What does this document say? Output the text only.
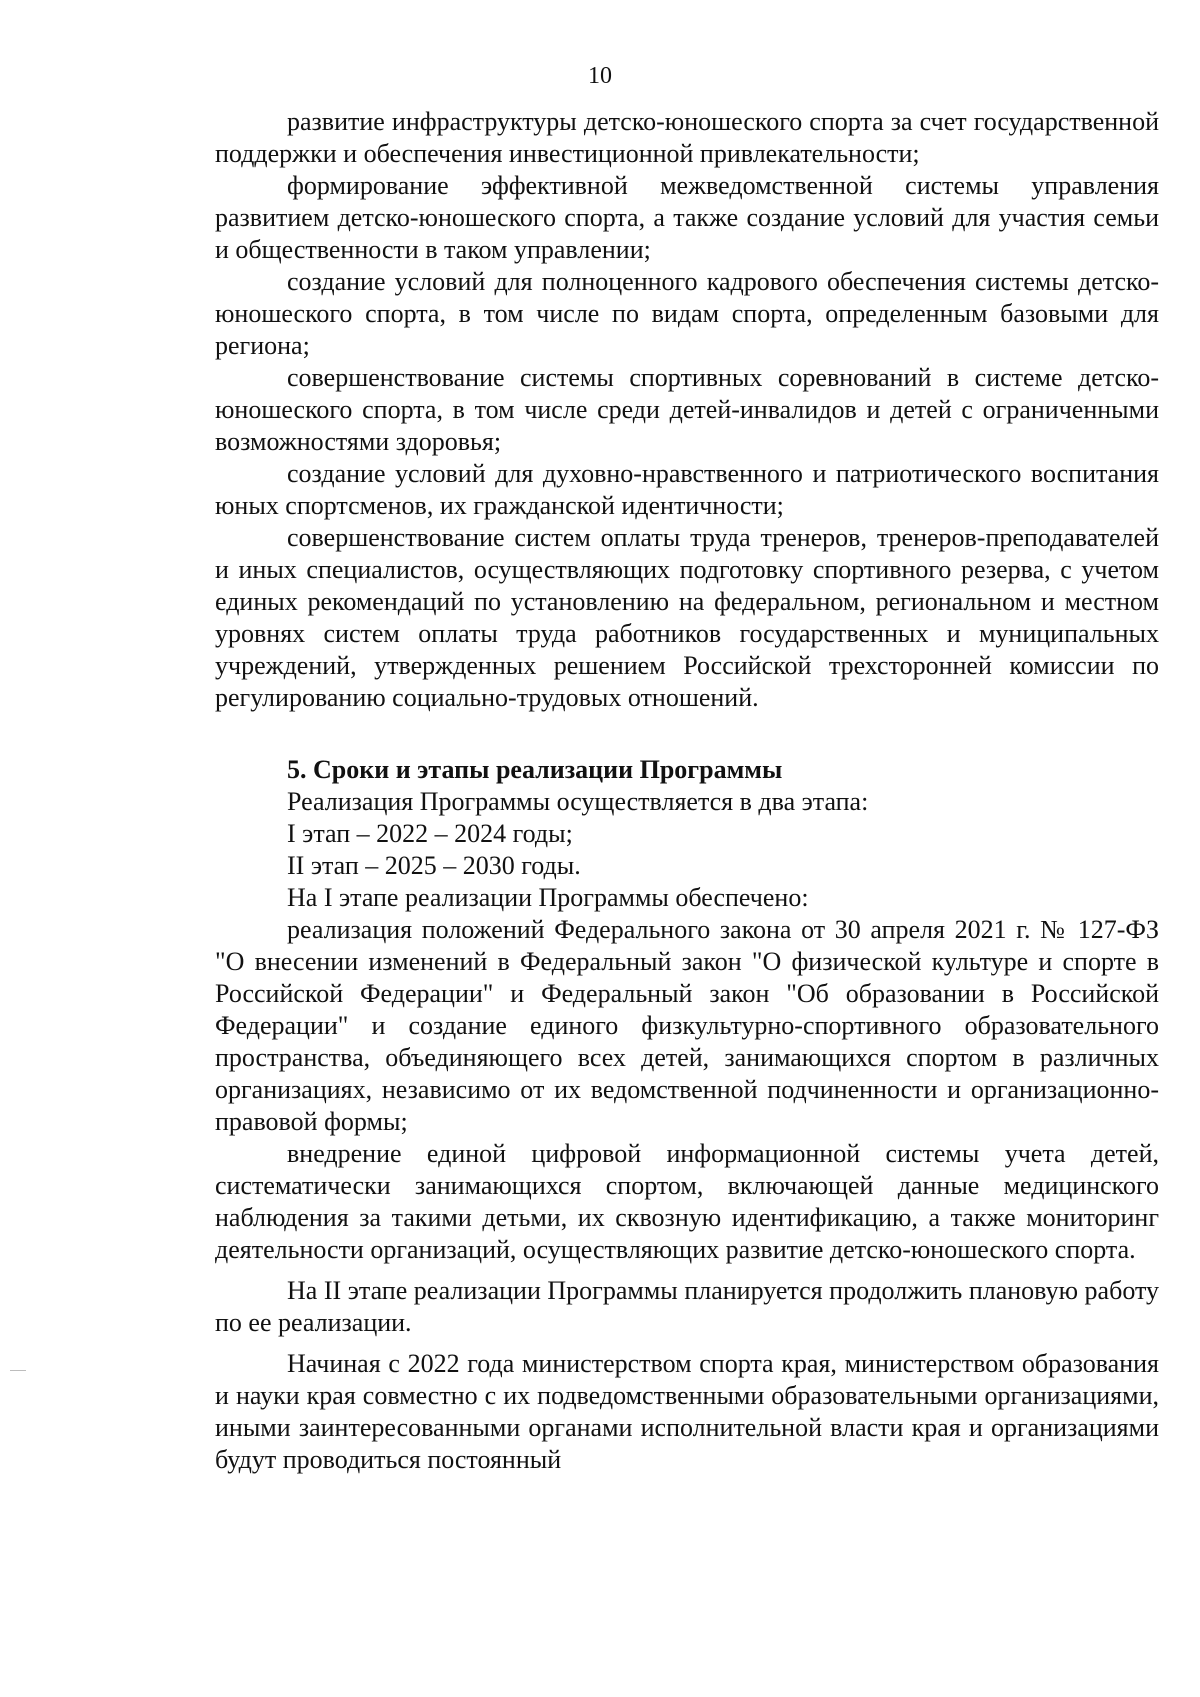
10

развитие инфраструктуры детско-юношеского спорта за счет государственной поддержки и обеспечения инвестиционной привлекательности;

формирование эффективной межведомственной системы управления развитием детско-юношеского спорта, а также создание условий для участия семьи и общественности в таком управлении;

создание условий для полноценного кадрового обеспечения системы детско-юношеского спорта, в том числе по видам спорта, определенным базовыми для региона;

совершенствование системы спортивных соревнований в системе детско-юношеского спорта, в том числе среди детей-инвалидов и детей с ограниченными возможностями здоровья;

создание условий для духовно-нравственного и патриотического воспитания юных спортсменов, их гражданской идентичности;

совершенствование систем оплаты труда тренеров, тренеров-преподавателей и иных специалистов, осуществляющих подготовку спортивного резерва, с учетом единых рекомендаций по установлению на федеральном, региональном и местном уровнях систем оплаты труда работников государственных и муниципальных учреждений, утвержденных решением Российской трехсторонней комиссии по регулированию социально-трудовых отношений.

5. Сроки и этапы реализации Программы

Реализация Программы осуществляется в два этапа:

I этап – 2022 – 2024 годы;

II этап – 2025 – 2030 годы.

На I этапе реализации Программы обеспечено:

реализация положений Федерального закона от 30 апреля 2021 г. № 127-ФЗ "О внесении изменений в Федеральный закон "О физической культуре и спорте в Российской Федерации" и Федеральный закон "Об образовании в Российской Федерации" и создание единого физкультурно-спортивного образовательного пространства, объединяющего всех детей, занимающихся спортом в различных организациях, независимо от их ведомственной подчиненности и организационно-правовой формы;

внедрение единой цифровой информационной системы учета детей, систематически занимающихся спортом, включающей данные медицинского наблюдения за такими детьми, их сквозную идентификацию, а также мониторинг деятельности организаций, осуществляющих развитие детско-юношеского спорта.

На II этапе реализации Программы планируется продолжить плановую работу по ее реализации.

Начиная с 2022 года министерством спорта края, министерством образования и науки края совместно с их подведомственными образовательными организациями, иными заинтересованными органами исполнительной власти края и организациями будут проводиться постоянный
